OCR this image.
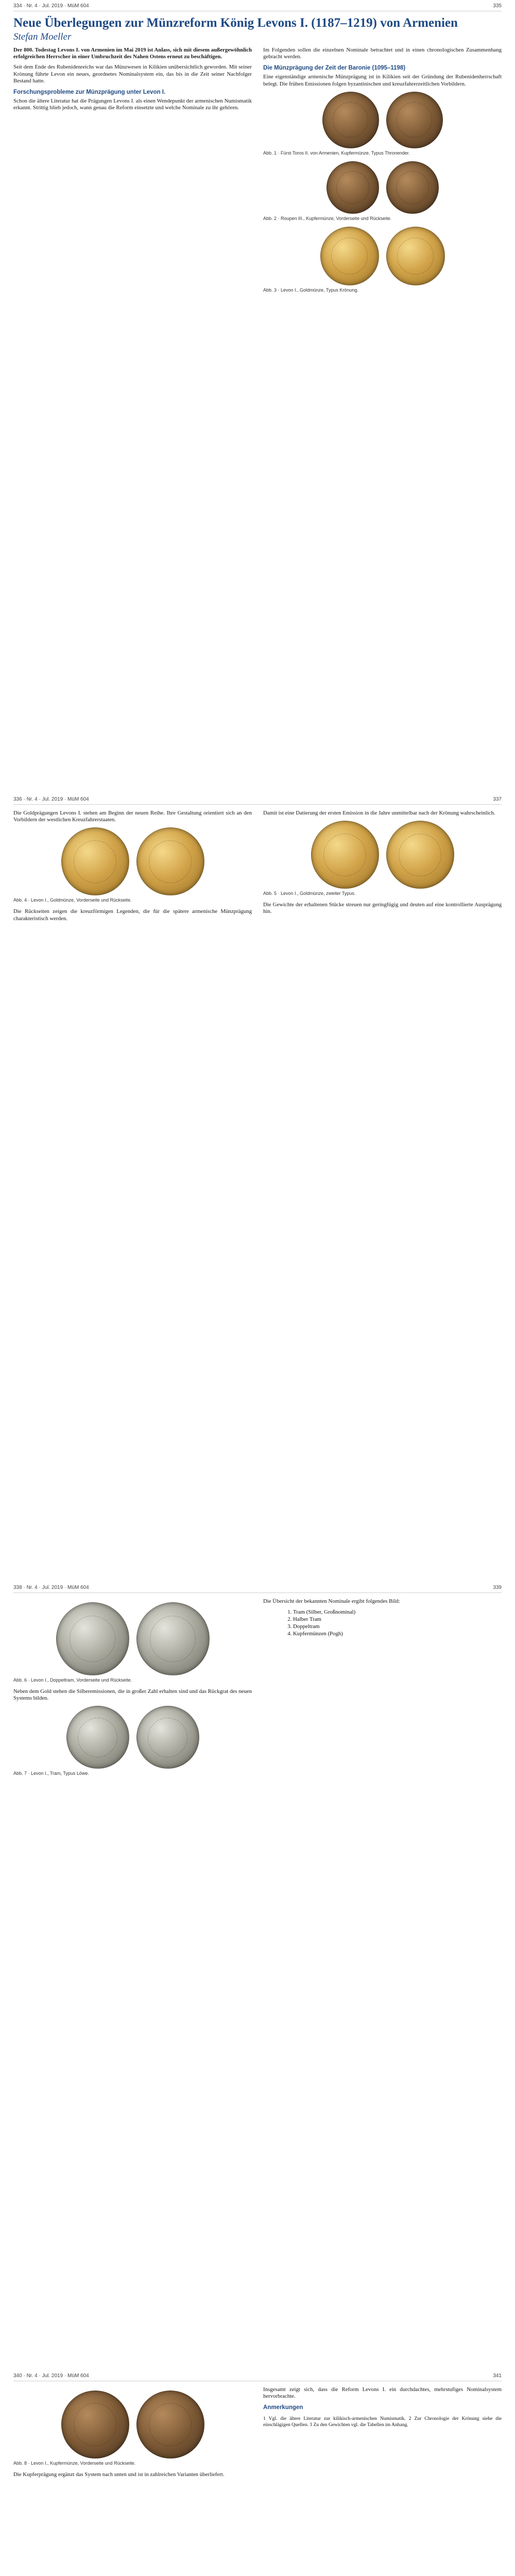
334 · Nr. 4 · Jul. 2019 · MüM 604	335
Neue Überlegungen zur Münzreform König Levons I. (1187–1219) von Armenien
Stefan Moeller

Der 800. Todestag Levons I. von Armenien im Mai 2019 ist Anlass, sich mit diesem außergewöhnlich erfolgreichen Herrscher in einer Umbruchzeit des Nahen Ostens erneut zu beschäftigen.

Seit dem Ende des Rubenidenreichs war das Münzwesen in Kilikien unübersichtlich geworden. Mit seiner Krönung führte Levon ein neues, geordnetes Nominalsystem ein, das bis in die Zeit seiner Nachfolger Bestand hatte.

Forschungsprobleme zur Münzprägung unter Levon I.

Schon die ältere Literatur hat die Prägungen Levons I. als einen Wendepunkt der armenischen Numismatik erkannt. Strittig blieb jedoch, wann genau die Reform einsetzte und welche Nominale zu ihr gehören.

Im Folgenden sollen die einzelnen Nominale betrachtet und in einen chronologischen Zusammenhang gebracht werden.

Die Münzprägung der Zeit der Baronie (1095–1198)

Eine eigenständige armenische Münzprägung ist in Kilikien seit der Gründung der Rubenidenherrschaft belegt. Die frühen Emissionen folgen byzantinischen und kreuzfahrerzeitlichen Vorbildern.

Abb. 1 · Fürst Toros II. von Armenien, Kupfermünze, Typus Thronender.
Abb. 2 · Roupen III., Kupfermünze, Vorderseite und Rückseite.
Abb. 3 · Levon I., Goldmünze, Typus Krönung.
336 · Nr. 4 · Jul. 2019 · MüM 604	337

Die Goldprägungen Levons I. stehen am Beginn der neuen Reihe. Ihre Gestaltung orientiert sich an den Vorbildern der westlichen Kreuzfahrerstaaten.

Abb. 4 · Levon I., Goldmünze, Vorderseite und Rückseite.

Die Rückseiten zeigen die kreuzförmigen Legenden, die für die spätere armenische Münzprägung charakteristisch werden.

Damit ist eine Datierung der ersten Emission in die Jahre unmittelbar nach der Krönung wahrscheinlich.

Abb. 5 · Levon I., Goldmünze, zweiter Typus.

Die Gewichte der erhaltenen Stücke streuen nur geringfügig und deuten auf eine kontrollierte Ausprägung hin.

338 · Nr. 4 · Jul. 2019 · MüM 604	339
Abb. 6 · Levon I., Doppeltram, Vorderseite und Rückseite.

Neben dem Gold stehen die Silberemissionen, die in großer Zahl erhalten sind und das Rückgrat des neuen Systems bilden.

Abb. 7 · Levon I., Tram, Typus Löwe.

Die Übersicht der bekannten Nominale ergibt folgendes Bild:

1. Tram (Silber, Großnominal)
2. Halber Tram
3. Doppeltram
4. Kupfermünzen (Pogh)
340 · Nr. 4 · Jul. 2019 · MüM 604	341
Abb. 8 · Levon I., Kupfermünze, Vorderseite und Rückseite.

Die Kupferprägung ergänzt das System nach unten und ist in zahlreichen Varianten überliefert.

Insgesamt zeigt sich, dass die Reform Levons I. ein durchdachtes, mehrstufiges Nominalsystem hervorbrachte.

Anmerkungen

1 Vgl. die ältere Literatur zur kilikisch-armenischen Numismatik. 2 Zur Chronologie der Krönung siehe die einschlägigen Quellen. 3 Zu den Gewichten vgl. die Tabellen im Anhang.
